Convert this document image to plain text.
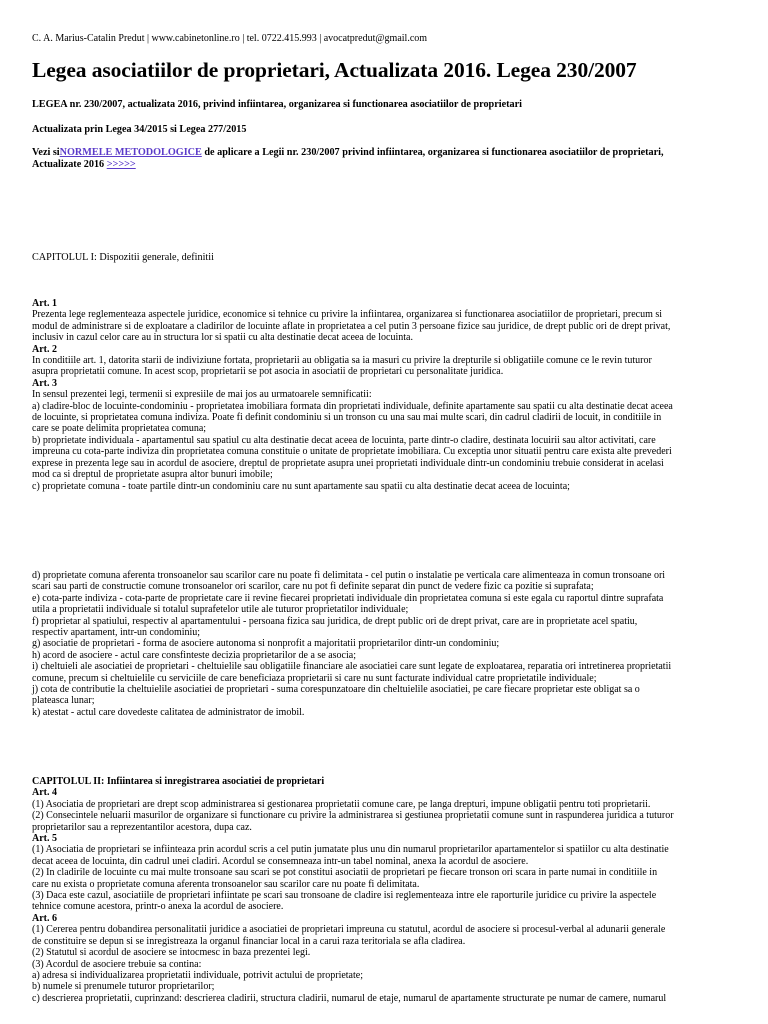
C. A. Marius-Catalin Predut | www.cabinetonline.ro | tel. 0722.415.993 | avocatpredut@gmail.com
Legea asociatiilor de proprietari, Actualizata 2016. Legea 230/2007
LEGEA nr. 230/2007, actualizata 2016, privind infiintarea, organizarea si functionarea asociatiilor de proprietari
Actualizata prin Legea 34/2015 si Legea 277/2015
Vezi siNORMELE METODOLOGICE de aplicare a Legii nr. 230/2007 privind infiintarea, organizarea si functionarea asociatiilor de proprietari,
Actualizate 2016 >>>>>
CAPITOLUL I: Dispozitii generale, definitii

Art. 1

Prezenta lege reglementeaza aspectele juridice, economice si tehnice cu privire la infiintarea, organizarea si functionarea asociatiilor de proprietari, precum si

modul de administrare si de exploatare a cladirilor de locuinte aflate in proprietatea a cel putin 3 persoane fizice sau juridice, de drept public ori de drept privat,

inclusiv in cazul celor care au in structura lor si spatii cu alta destinatie decat aceea de locuinta.

Art. 2

In conditiile art. 1, datorita starii de indiviziune fortata, proprietarii au obligatia sa ia masuri cu privire la drepturile si obligatiile comune ce le revin tuturor

asupra proprietatii comune. In acest scop, proprietarii se pot asocia in asociatii de proprietari cu personalitate juridica.

Art. 3

In sensul prezentei legi, termenii si expresiile de mai jos au urmatoarele semnificatii:

a) cladire-bloc de locuinte-condominiu - proprietatea imobiliara formata din proprietati individuale, definite apartamente sau spatii cu alta destinatie decat aceea

de locuinte, si proprietatea comuna indiviza. Poate fi definit condominiu si un tronson cu una sau mai multe scari, din cadrul cladirii de locuit, in conditiile in

care se poate delimita proprietatea comuna;

b) proprietate individuala - apartamentul sau spatiul cu alta destinatie decat aceea de locuinta, parte dintr-o cladire, destinata locuirii sau altor activitati, care

impreuna cu cota-parte indiviza din proprietatea comuna constituie o unitate de proprietate imobiliara. Cu exceptia unor situatii pentru care exista alte prevederi

exprese in prezenta lege sau in acordul de asociere, dreptul de proprietate asupra unei proprietati individuale dintr-un condominiu trebuie considerat in acelasi

mod ca si dreptul de proprietate asupra altor bunuri imobile;

c) proprietate comuna - toate partile dintr-un condominiu care nu sunt apartamente sau spatii cu alta destinatie decat aceea de locuinta;

d) proprietate comuna aferenta tronsoanelor sau scarilor care nu poate fi delimitata - cel putin o instalatie pe verticala care alimenteaza in comun tronsoane ori

scari sau parti de constructie comune tronsoanelor ori scarilor, care nu pot fi definite separat din punct de vedere fizic ca pozitie si suprafata;

e) cota-parte indiviza - cota-parte de proprietate care ii revine fiecarei proprietati individuale din proprietatea comuna si este egala cu raportul dintre suprafata

utila a proprietatii individuale si totalul suprafetelor utile ale tuturor proprietatilor individuale;

f) proprietar al spatiului, respectiv al apartamentului - persoana fizica sau juridica, de drept public ori de drept privat, care are in proprietate acel spatiu,

respectiv apartament, intr-un condominiu;

g) asociatie de proprietari - forma de asociere autonoma si nonprofit a majoritatii proprietarilor dintr-un condominiu;

h) acord de asociere - actul care consfinteste decizia proprietarilor de a se asocia;

i) cheltuieli ale asociatiei de proprietari - cheltuielile sau obligatiile financiare ale asociatiei care sunt legate de exploatarea, reparatia ori intretinerea proprietatii

comune, precum si cheltuielile cu serviciile de care beneficiaza proprietarii si care nu sunt facturate individual catre proprietatile individuale;

j) cota de contributie la cheltuielile asociatiei de proprietari - suma corespunzatoare din cheltuielile asociatiei, pe care fiecare proprietar este obligat sa o

plateasca lunar;

k) atestat - actul care dovedeste calitatea de administrator de imobil.

CAPITOLUL II: Infiintarea si inregistrarea asociatiei de proprietari

Art. 4

(1) Asociatia de proprietari are drept scop administrarea si gestionarea proprietatii comune care, pe langa drepturi, impune obligatii pentru toti proprietarii.

(2) Consecintele neluarii masurilor de organizare si functionare cu privire la administrarea si gestiunea proprietatii comune sunt in raspunderea juridica a tuturor

proprietarilor sau a reprezentantilor acestora, dupa caz.

Art. 5

(1) Asociatia de proprietari se infiinteaza prin acordul scris a cel putin jumatate plus unu din numarul proprietarilor apartamentelor si spatiilor cu alta destinatie

decat aceea de locuinta, din cadrul unei cladiri. Acordul se consemneaza intr-un tabel nominal, anexa la acordul de asociere.

(2) In cladirile de locuinte cu mai multe tronsoane sau scari se pot constitui asociatii de proprietari pe fiecare tronson ori scara in parte numai in conditiile in

care nu exista o proprietate comuna aferenta tronsoanelor sau scarilor care nu poate fi delimitata.

(3) Daca este cazul, asociatiile de proprietari infiintate pe scari sau tronsoane de cladire isi reglementeaza intre ele raporturile juridice cu privire la aspectele

tehnice comune acestora, printr-o anexa la acordul de asociere.

Art. 6

(1) Cererea pentru dobandirea personalitatii juridice a asociatiei de proprietari impreuna cu statutul, acordul de asociere si procesul-verbal al adunarii generale

de constituire se depun si se inregistreaza la organul financiar local in a carui raza teritoriala se afla cladirea.

(2) Statutul si acordul de asociere se intocmesc in baza prezentei legi.

(3) Acordul de asociere trebuie sa contina:

a) adresa si individualizarea proprietatii individuale, potrivit actului de proprietate;

b) numele si prenumele tuturor proprietarilor;

c) descrierea proprietatii, cuprinzand: descrierea cladirii, structura cladirii, numarul de etaje, numarul de apartamente structurate pe numar de camere, numarul
